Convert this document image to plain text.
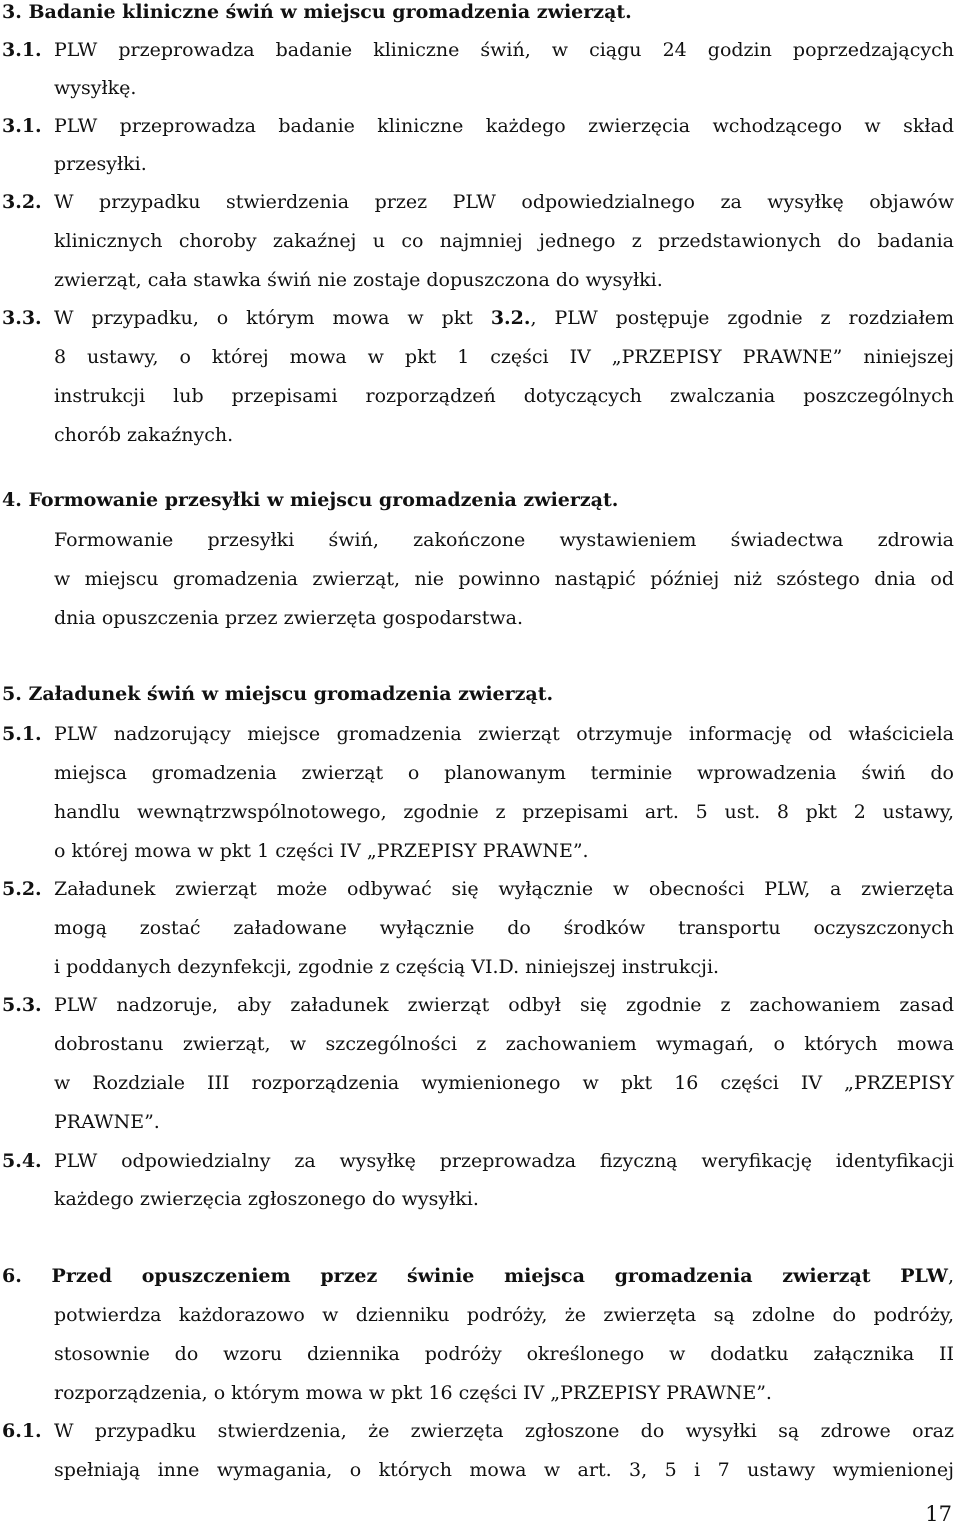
3. Badanie kliniczne świń w miejscu gromadzenia zwierząt.
3.1. PLW przeprowadza badanie kliniczne świń, w ciągu 24 godzin poprzedzających
wysyłkę.
3.1. PLW przeprowadza badanie kliniczne każdego zwierzęcia wchodzącego w skład
przesyłki.
3.2. W przypadku stwierdzenia przez PLW odpowiedzialnego za wysyłkę objawów
klinicznych choroby zakaźnej u co najmniej jednego z przedstawionych do badania
zwierząt, cała stawka świń nie zostaje dopuszczona do wysyłki.
3.3. W przypadku, o którym mowa w pkt 3.2., PLW postępuje zgodnie z rozdziałem
8 ustawy, o której mowa w pkt 1 części IV „PRZEPISY PRAWNE” niniejszej
instrukcji lub przepisami rozporządzeń dotyczących zwalczania poszczególnych
chorób zakaźnych.
4. Formowanie przesyłki w miejscu gromadzenia zwierząt.
Formowanie przesyłki świń, zakończone wystawieniem świadectwa zdrowia
w miejscu gromadzenia zwierząt, nie powinno nastąpić później niż szóstego dnia od
dnia opuszczenia przez zwierzęta gospodarstwa.
5. Załadunek świń w miejscu gromadzenia zwierząt.
5.1. PLW nadzorujący miejsce gromadzenia zwierząt otrzymuje informację od właściciela
miejsca gromadzenia zwierząt o planowanym terminie wprowadzenia świń do
handlu wewnątrzwspólnotowego, zgodnie z przepisami art. 5 ust. 8 pkt 2 ustawy,
o której mowa w pkt 1 części IV „PRZEPISY PRAWNE”.
5.2. Załadunek zwierząt może odbywać się wyłącznie w obecności PLW, a zwierzęta
mogą zostać załadowane wyłącznie do środków transportu oczyszczonych
i poddanych dezynfekcji, zgodnie z częścią VI.D. niniejszej instrukcji.
5.3. PLW nadzoruje, aby załadunek zwierząt odbył się zgodnie z zachowaniem zasad
dobrostanu zwierząt, w szczególności z zachowaniem wymagań, o których mowa
w Rozdziale III rozporządzenia wymienionego w pkt 16 części IV „PRZEPISY
PRAWNE”.
5.4. PLW odpowiedzialny za wysyłkę przeprowadza fizyczną weryfikację identyfikacji
każdego zwierzęcia zgłoszonego do wysyłki.
6. Przed opuszczeniem przez świnie miejsca gromadzenia zwierząt PLW,
potwierdza każdorazowo w dzienniku podróży, że zwierzęta są zdolne do podróży,
stosownie do wzoru dziennika podróży określonego w dodatku załącznika II
rozporządzenia, o którym mowa w pkt 16 części IV „PRZEPISY PRAWNE”.
6.1. W przypadku stwierdzenia, że zwierzęta zgłoszone do wysyłki są zdrowe oraz
spełniają inne wymagania, o których mowa w art. 3, 5 i 7 ustawy wymienionej
17
